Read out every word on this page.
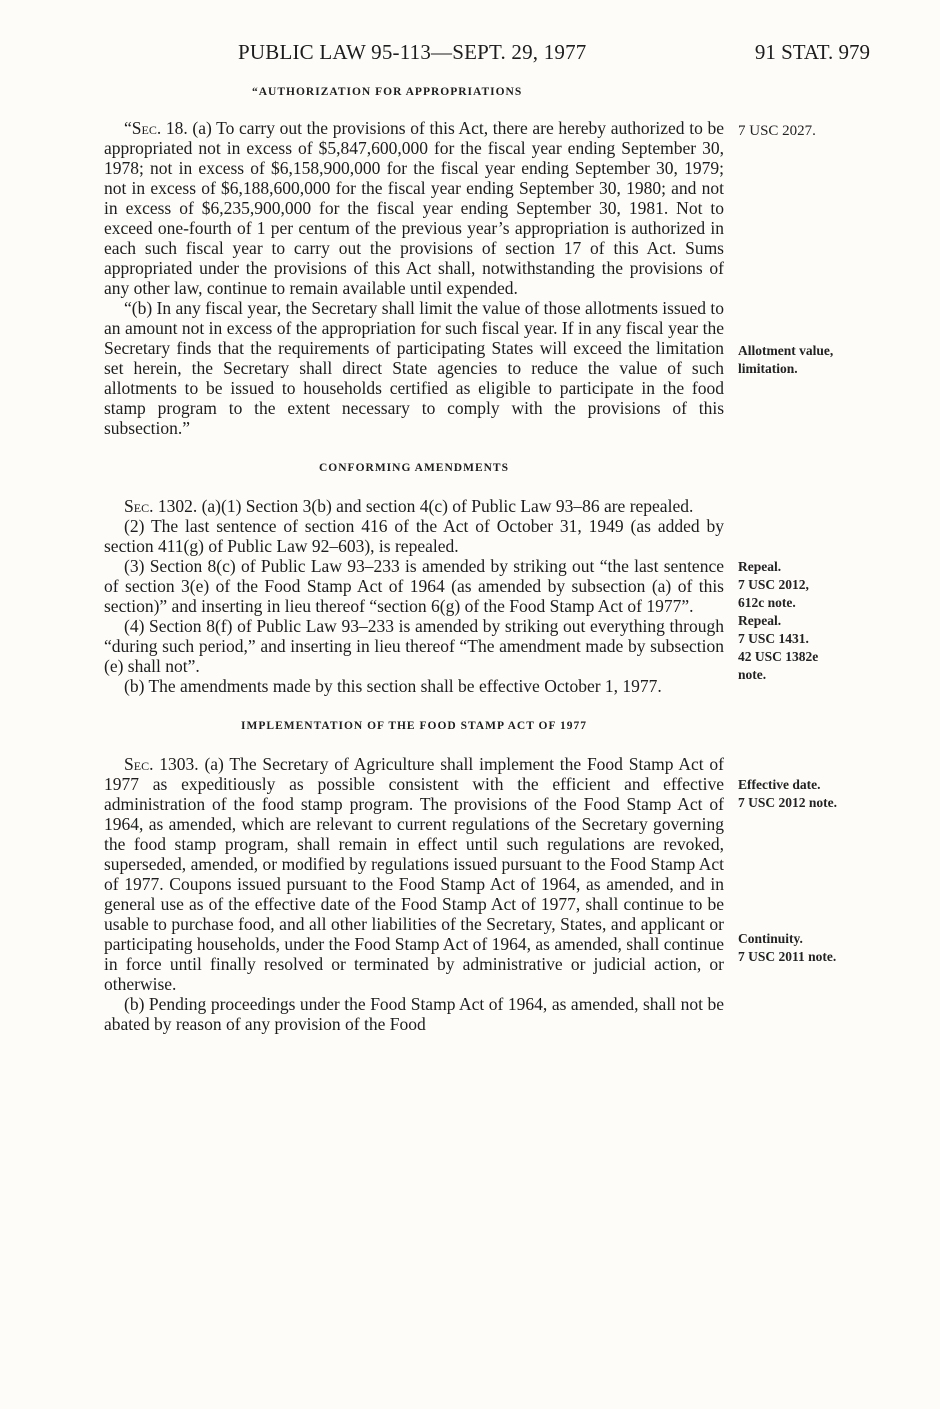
PUBLIC LAW 95-113—SEPT. 29, 1977	91 STAT. 979
“AUTHORIZATION FOR APPROPRIATIONS

“Sec. 18. (a) To carry out the provisions of this Act, there are hereby authorized to be appropriated not in excess of $5,847,600,000 for the fiscal year ending September 30, 1978; not in excess of $6,158,900,000 for the fiscal year ending September 30, 1979; not in excess of $6,188,600,000 for the fiscal year ending September 30, 1980; and not in excess of $6,235,900,000 for the fiscal year ending September 30, 1981. Not to exceed one-fourth of 1 per centum of the previous year’s appropriation is authorized in each such fiscal year to carry out the provisions of section 17 of this Act. Sums appropriated under the provisions of this Act shall, notwithstanding the provisions of any other law, continue to remain available until expended.

“(b) In any fiscal year, the Secretary shall limit the value of those allotments issued to an amount not in excess of the appropriation for such fiscal year. If in any fiscal year the Secretary finds that the requirements of participating States will exceed the limitation set herein, the Secretary shall direct State agencies to reduce the value of such allotments to be issued to households certified as eligible to participate in the food stamp program to the extent necessary to comply with the provisions of this subsection.”

CONFORMING AMENDMENTS

Sec. 1302. (a)(1) Section 3(b) and section 4(c) of Public Law 93–86 are repealed.

(2) The last sentence of section 416 of the Act of October 31, 1949 (as added by section 411(g) of Public Law 92–603), is repealed.

(3) Section 8(c) of Public Law 93–233 is amended by striking out “the last sentence of section 3(e) of the Food Stamp Act of 1964 (as amended by subsection (a) of this section)” and inserting in lieu thereof “section 6(g) of the Food Stamp Act of 1977”.

(4) Section 8(f) of Public Law 93–233 is amended by striking out everything through “during such period,” and inserting in lieu thereof “The amendment made by subsection (e) shall not”.

(b) The amendments made by this section shall be effective October 1, 1977.

IMPLEMENTATION OF THE FOOD STAMP ACT OF 1977

Sec. 1303. (a) The Secretary of Agriculture shall implement the Food Stamp Act of 1977 as expeditiously as possible consistent with the efficient and effective administration of the food stamp program. The provisions of the Food Stamp Act of 1964, as amended, which are relevant to current regulations of the Secretary governing the food stamp program, shall remain in effect until such regulations are revoked, superseded, amended, or modified by regulations issued pursuant to the Food Stamp Act of 1977. Coupons issued pursuant to the Food Stamp Act of 1964, as amended, and in general use as of the effective date of the Food Stamp Act of 1977, shall continue to be usable to purchase food, and all other liabilities of the Secretary, States, and applicant or participating households, under the Food Stamp Act of 1964, as amended, shall continue in force until finally resolved or terminated by administrative or judicial action, or otherwise.

(b) Pending proceedings under the Food Stamp Act of 1964, as amended, shall not be abated by reason of any provision of the Food

7 USC 2027.
Allotment value,
limitation.
Repeal.
7 USC 2012,
612c note.
Repeal.
7 USC 1431.
42 USC 1382e
note.
Effective date.
7 USC 2012 note.
Continuity.
7 USC 2011 note.
